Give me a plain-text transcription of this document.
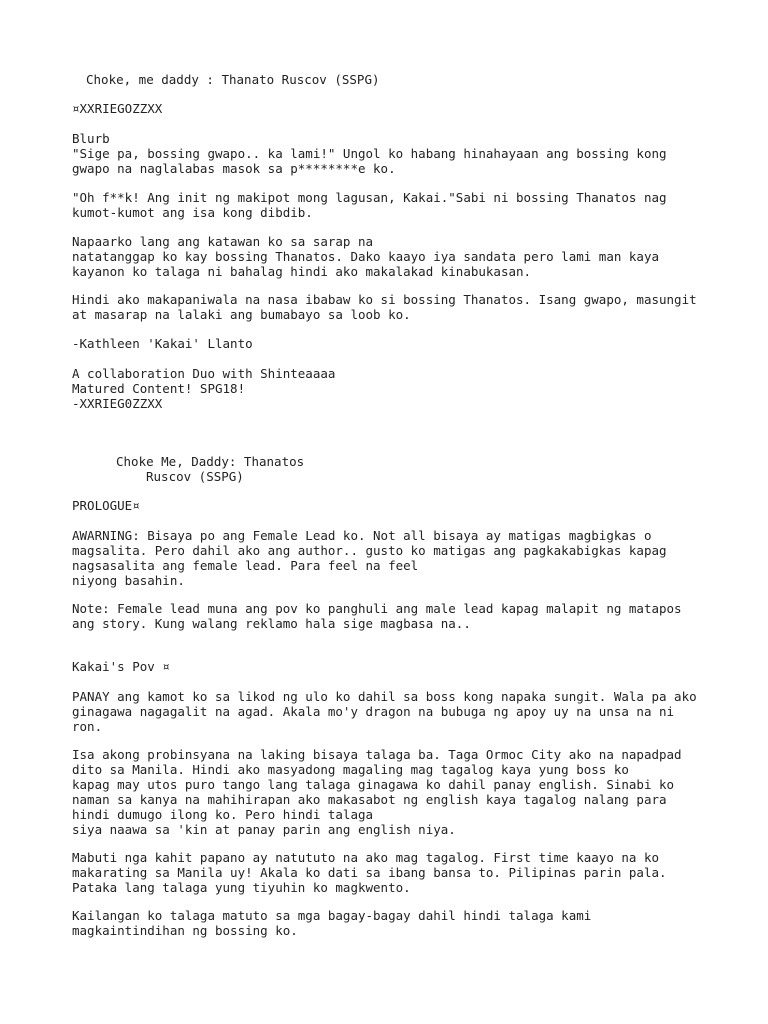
Choke, me daddy : Thanato Ruscov (SSPG)
¤XXRIEGOZZXX
Blurb
"Sige pa, bossing gwapo.. ka lami!" Ungol ko habang hinahayaan ang bossing kong
gwapo na naglalabas masok sa p********e ko.
"Oh f**k! Ang init ng makipot mong lagusan, Kakai."Sabi ni bossing Thanatos nag
kumot-kumot ang isa kong dibdib.
Napaarko lang ang katawan ko sa sarap na
natatanggap ko kay bossing Thanatos. Dako kaayo iya sandata pero lami man kaya
kayanon ko talaga ni bahalag hindi ako makalakad kinabukasan.
Hindi ako makapaniwala na nasa ibabaw ko si bossing Thanatos. Isang gwapo, masungit
at masarap na lalaki ang bumabayo sa loob ko.
-Kathleen 'Kakai' Llanto
A collaboration Duo with Shinteaaaa
Matured Content! SPG18!
-XXRIEG0ZZXX
Choke Me, Daddy: Thanatos
Ruscov (SSPG)
PROLOGUE¤
AWARNING: Bisaya po ang Female Lead ko. Not all bisaya ay matigas magbigkas o
magsalita. Pero dahil ako ang author.. gusto ko matigas ang pagkakabigkas kapag
nagsasalita ang female lead. Para feel na feel
niyong basahin.
Note: Female lead muna ang pov ko panghuli ang male lead kapag malapit ng matapos
ang story. Kung walang reklamo hala sige magbasa na..
Kakai's Pov ¤
PANAY ang kamot ko sa likod ng ulo ko dahil sa boss kong napaka sungit. Wala pa ako
ginagawa nagagalit na agad. Akala mo'y dragon na bubuga ng apoy uy na unsa na ni
ron.
Isa akong probinsyana na laking bisaya talaga ba. Taga Ormoc City ako na napadpad
dito sa Manila. Hindi ako masyadong magaling mag tagalog kaya yung boss ko
kapag may utos puro tango lang talaga ginagawa ko dahil panay english. Sinabi ko
naman sa kanya na mahihirapan ako makasabot ng english kaya tagalog nalang para
hindi dumugo ilong ko. Pero hindi talaga
siya naawa sa 'kin at panay parin ang english niya.
Mabuti nga kahit papano ay natututo na ako mag tagalog. First time kaayo na ko
makarating sa Manila uy! Akala ko dati sa ibang bansa to. Pilipinas parin pala.
Pataka lang talaga yung tiyuhin ko magkwento.
Kailangan ko talaga matuto sa mga bagay-bagay dahil hindi talaga kami
magkaintindihan ng bossing ko.
